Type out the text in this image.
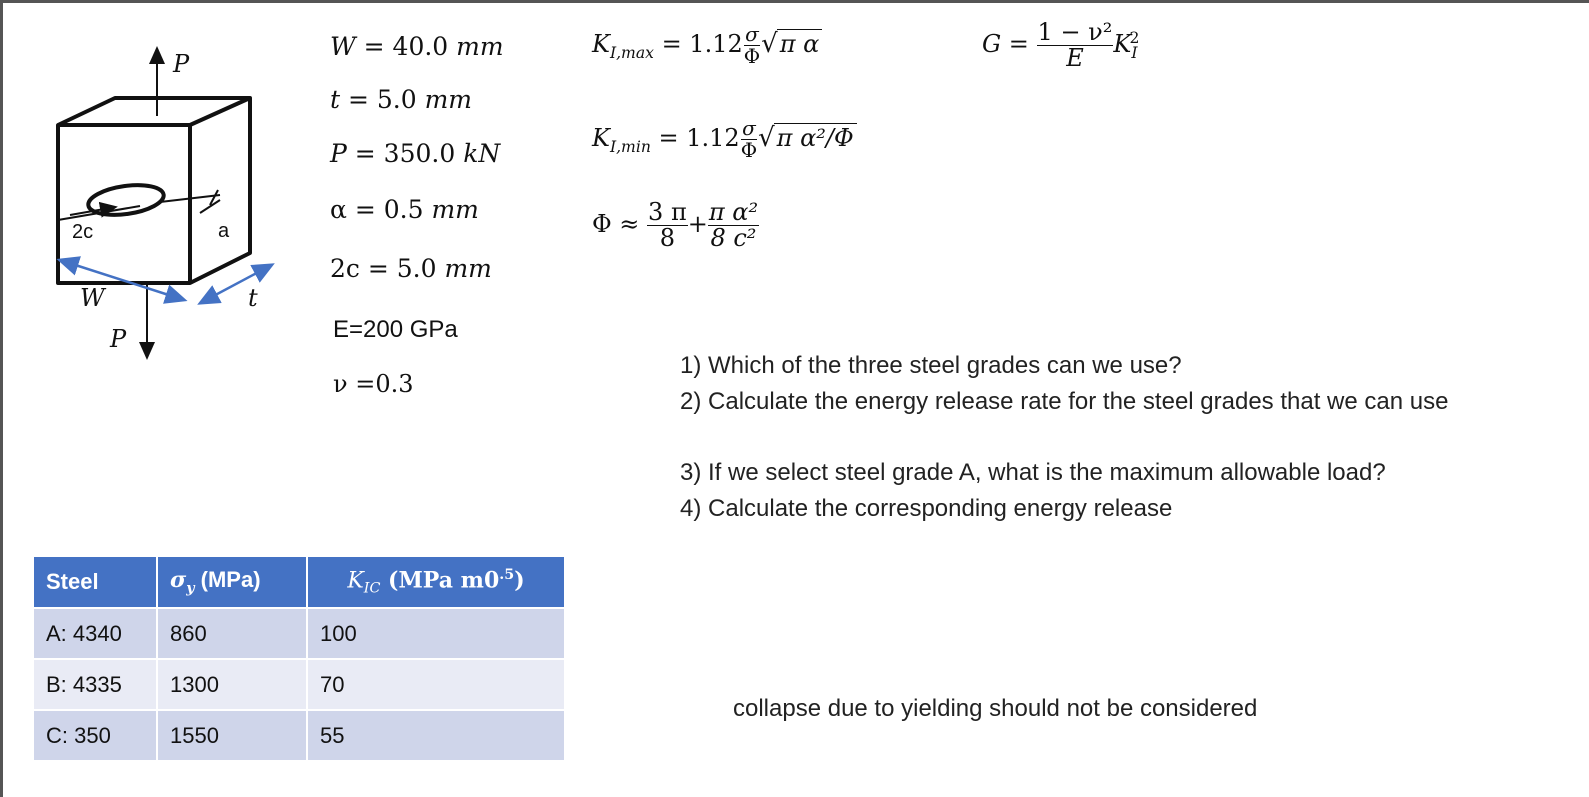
2c	a
P
P
W	t
W = 40.0 mm
t = 5.0 mm
P = 350.0 kN
α = 0.5 mm
2c = 5.0 mm
E=200 GPa
ν =0.3
$K_{I,max} = 1.12 \frac{\sigma}{\Phi} √\pi$ α
$K_{I,min} = 1.12 \frac{\sigma}{\Phi} √\pi$ α²/Φ
$\Phi \approx \frac{3 \pi}{8} + \frac{\text{π α²}}{\text{8 c²}}$
$G = \frac{\text{1 − ν²}}{E} K_I^2$
1) Which of the three steel grades can we use?
2) Calculate the energy release rate for the steel grades that we can use
3) If we select steel grade A, what is the maximum allowable load?
4) Calculate the corresponding energy release
Steel	$\sigma_y$ (MPa)	$K_{IC}$ (MPa $m0^{.5}$)
A: 4340	860	100
B: 4335	1300	70
C: 350	1550	55
collapse due to yielding should not be considered
